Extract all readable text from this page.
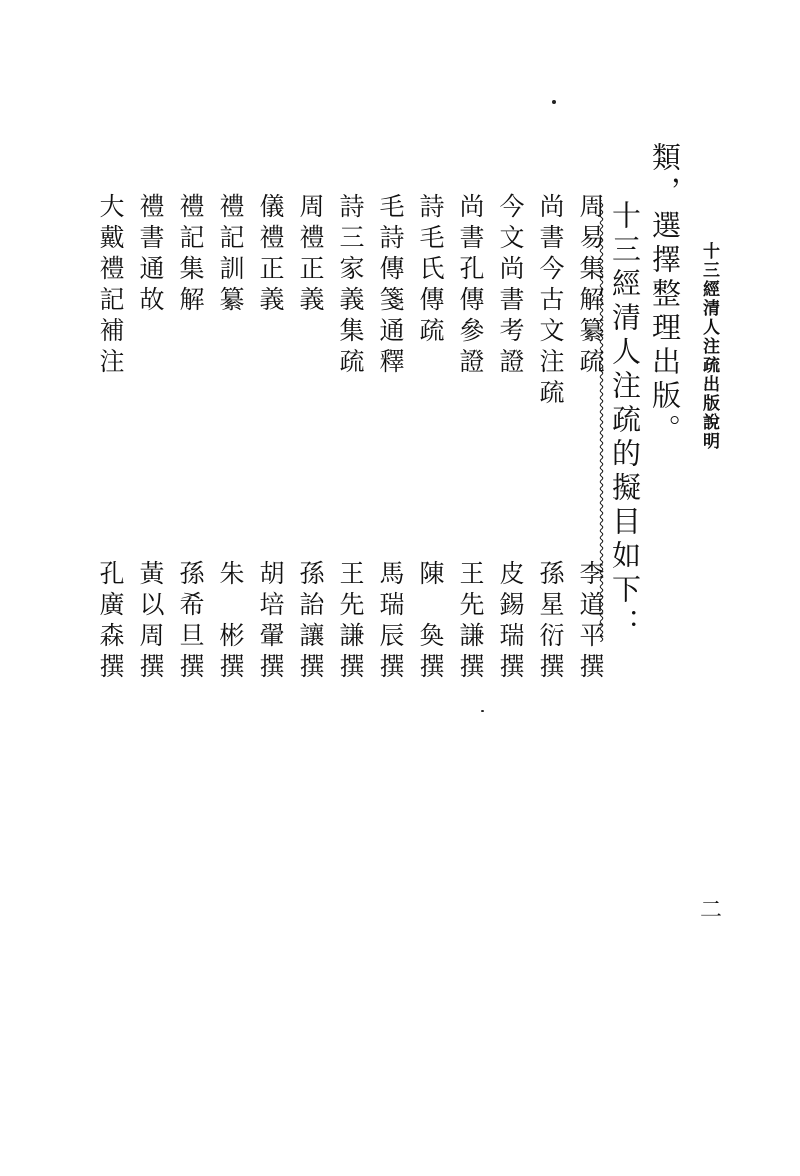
十三經清人注疏出版說明
二
類，選擇整理出版。
十三經清人注疏的擬目如下：
周易集解纂疏
李道平撰
尚書今古文注疏
孫星衍撰
今文尚書考證
皮錫瑞撰
尚書孔傳參證
王先謙撰
詩毛氏傳疏
陳　奐撰
毛詩傳箋通釋
馬瑞辰撰
詩三家義集疏
王先謙撰
周禮正義
孫詒讓撰
儀禮正義
胡培翬撰
禮記訓纂
朱　彬撰
禮記集解
孫希旦撰
禮書通故
黃以周撰
大戴禮記補注
孔廣森撰
